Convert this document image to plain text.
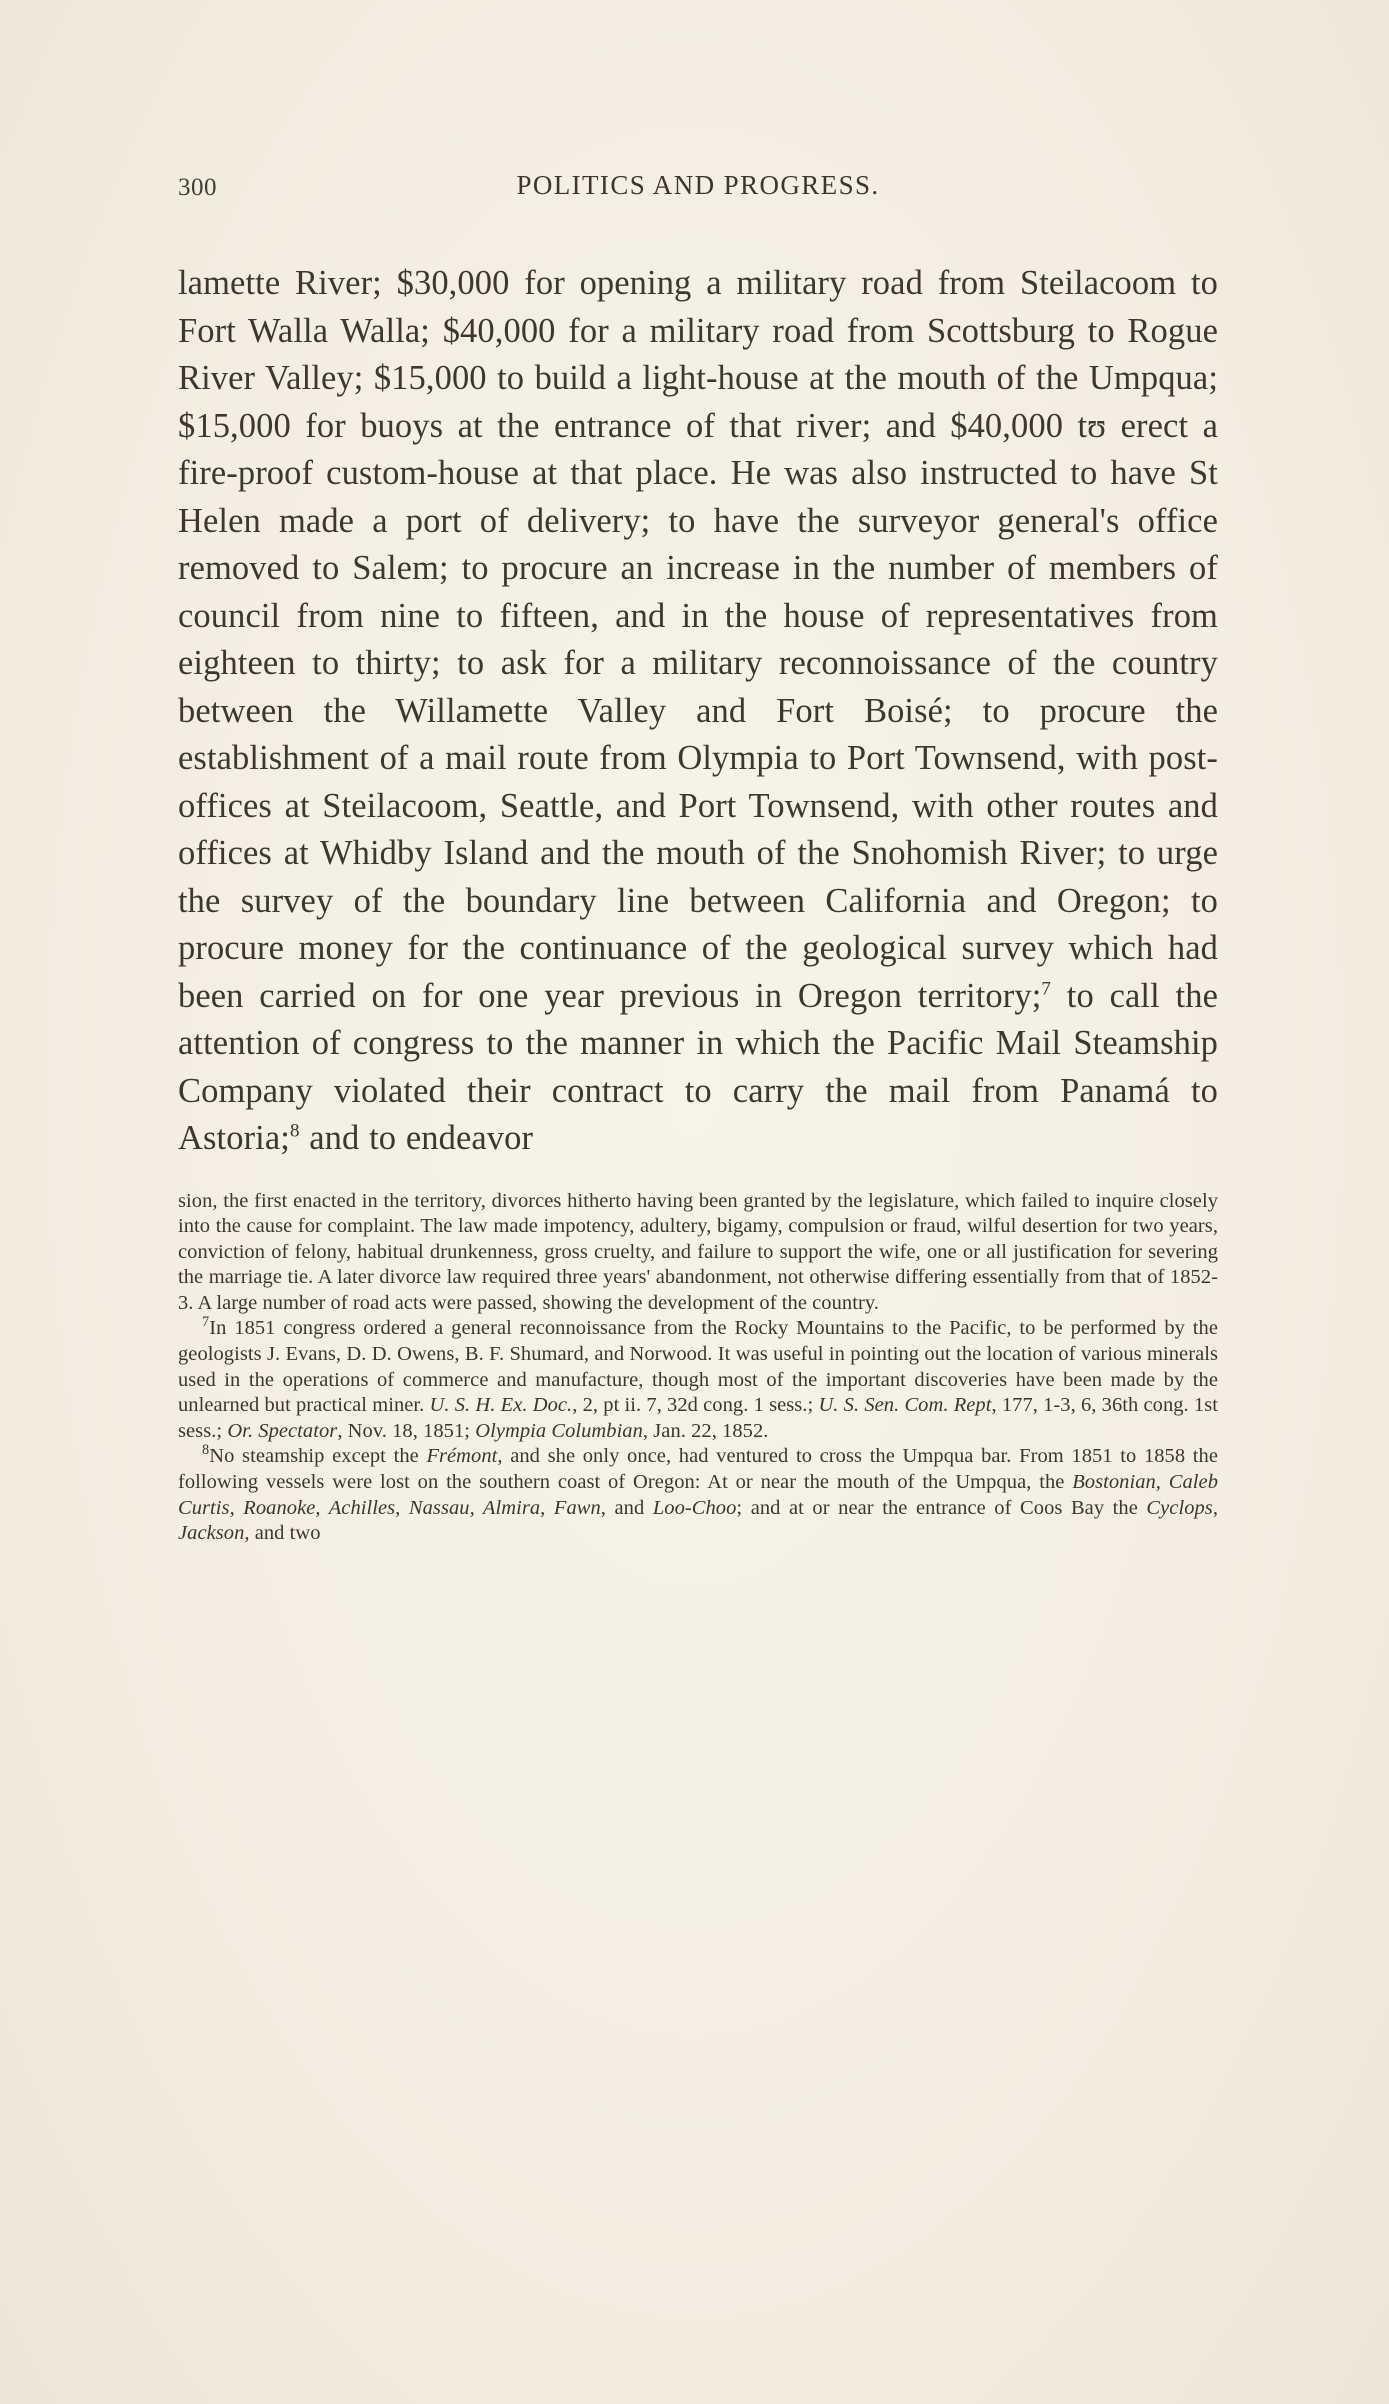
300	POLITICS AND PROGRESS.

lamette River; $30,000 for opening a military road from Steilacoom to Fort Walla Walla; $40,000 for a military road from Scottsburg to Rogue River Valley; $15,000 to build a light-house at the mouth of the Umpqua; $15,000 for buoys at the entrance of that river; and $40,000 tʊ erect a fire-proof custom-house at that place. He was also instructed to have St Helen made a port of delivery; to have the surveyor general's office removed to Salem; to procure an increase in the number of members of council from nine to fifteen, and in the house of representatives from eighteen to thirty; to ask for a military reconnoissance of the country between the Willamette Valley and Fort Boisé; to procure the establishment of a mail route from Olympia to Port Townsend, with post-offices at Steilacoom, Seattle, and Port Townsend, with other routes and offices at Whidby Island and the mouth of the Snohomish River; to urge the survey of the boundary line between California and Oregon; to procure money for the continuance of the geological survey which had been carried on for one year previous in Oregon territory;$^7$ to call the attention of congress to the manner in which the Pacific Mail Steamship Company violated their contract to carry the mail from Panamá to Astoria;$^8$ and to endeavor

sion, the first enacted in the territory, divorces hitherto having been granted by the legislature, which failed to inquire closely into the cause for complaint. The law made impotency, adultery, bigamy, compulsion or fraud, wilful desertion for two years, conviction of felony, habitual drunkenness, gross cruelty, and failure to support the wife, one or all justification for severing the marriage tie. A later divorce law required three years' abandonment, not otherwise differing essentially from that of 1852-3. A large number of road acts were passed, showing the development of the country.

$^7$In 1851 congress ordered a general reconnoissance from the Rocky Mountains to the Pacific, to be performed by the geologists J. Evans, D. D. Owens, B. F. Shumard, and Norwood. It was useful in pointing out the location of various minerals used in the operations of commerce and manufacture, though most of the important discoveries have been made by the unlearned but practical miner. U. S. H. Ex. Doc., 2, pt ii. 7, 32d cong. 1 sess.; U. S. Sen. Com. Rept, 177, 1-3, 6, 36th cong. 1st sess.; Or. Spectator, Nov. 18, 1851; Olympia Columbian, Jan. 22, 1852.

$^8$No steamship except the Frémont, and she only once, had ventured to cross the Umpqua bar. From 1851 to 1858 the following vessels were lost on the southern coast of Oregon: At or near the mouth of the Umpqua, the Bostonian, Caleb Curtis, Roanoke, Achilles, Nassau, Almira, Fawn, and Loo-Choo; and at or near the entrance of Coos Bay the Cyclops, Jackson, and two
